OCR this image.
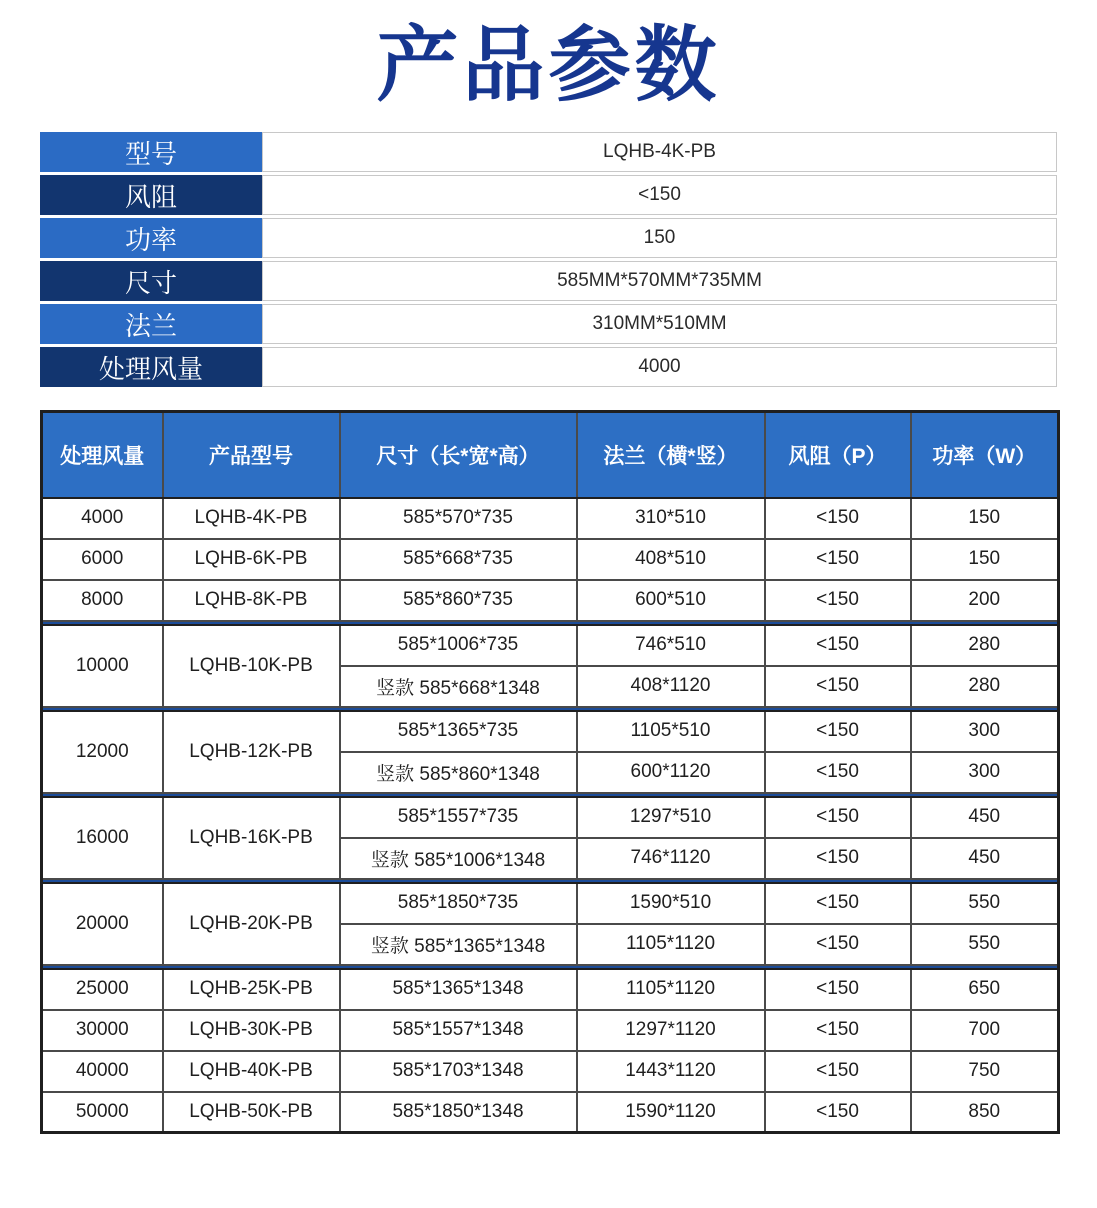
产品参数
型号	LQHB-4K-PB
风阻	<150
功率	150
尺寸	585MM*570MM*735MM
法兰	310MM*510MM
处理风量	4000
处理风量	产品型号	尺寸（长*宽*高）	法兰（横*竖）	风阻（P）	功率（W）
4000	LQHB-4K-PB	585*570*735	310*510	<150	150
6000	LQHB-6K-PB	585*668*735	408*510	<150	150
8000	LQHB-8K-PB	585*860*735	600*510	<150	200

10000	LQHB-10K-PB	585*1006*735	746*510	<150	280
		竖款 585*668*1348	408*1120	<150	280

12000	LQHB-12K-PB	585*1365*735	1105*510	<150	300
		竖款 585*860*1348	600*1120	<150	300

16000	LQHB-16K-PB	585*1557*735	1297*510	<150	450
		竖款 585*1006*1348	746*1120	<150	450

20000	LQHB-20K-PB	585*1850*735	1590*510	<150	550
		竖款 585*1365*1348	1105*1120	<150	550

25000	LQHB-25K-PB	585*1365*1348	1105*1120	<150	650
30000	LQHB-30K-PB	585*1557*1348	1297*1120	<150	700
40000	LQHB-40K-PB	585*1703*1348	1443*1120	<150	750
50000	LQHB-50K-PB	585*1850*1348	1590*1120	<150	850
